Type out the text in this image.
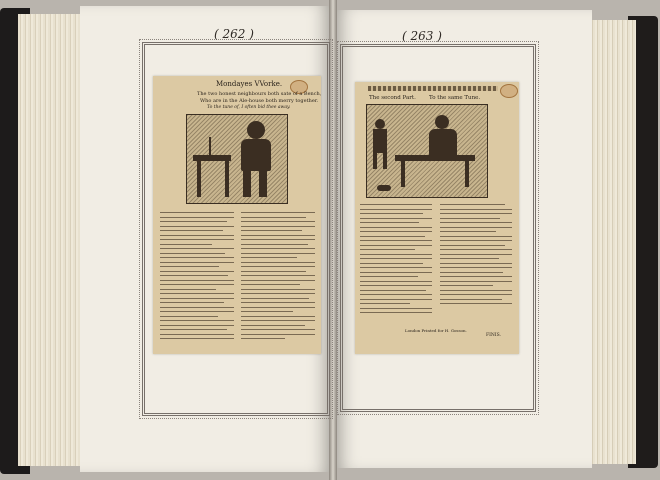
( 262 )	( 263 )
Mondayes VVorke.
The two honest neighbours both sate of a Bench,
Who are in the Ale-house both merry together.
To the tune of, I often bid thee away.
The second Part. To the same Tune.
London Printed for H. Gosson.
FINIS.
